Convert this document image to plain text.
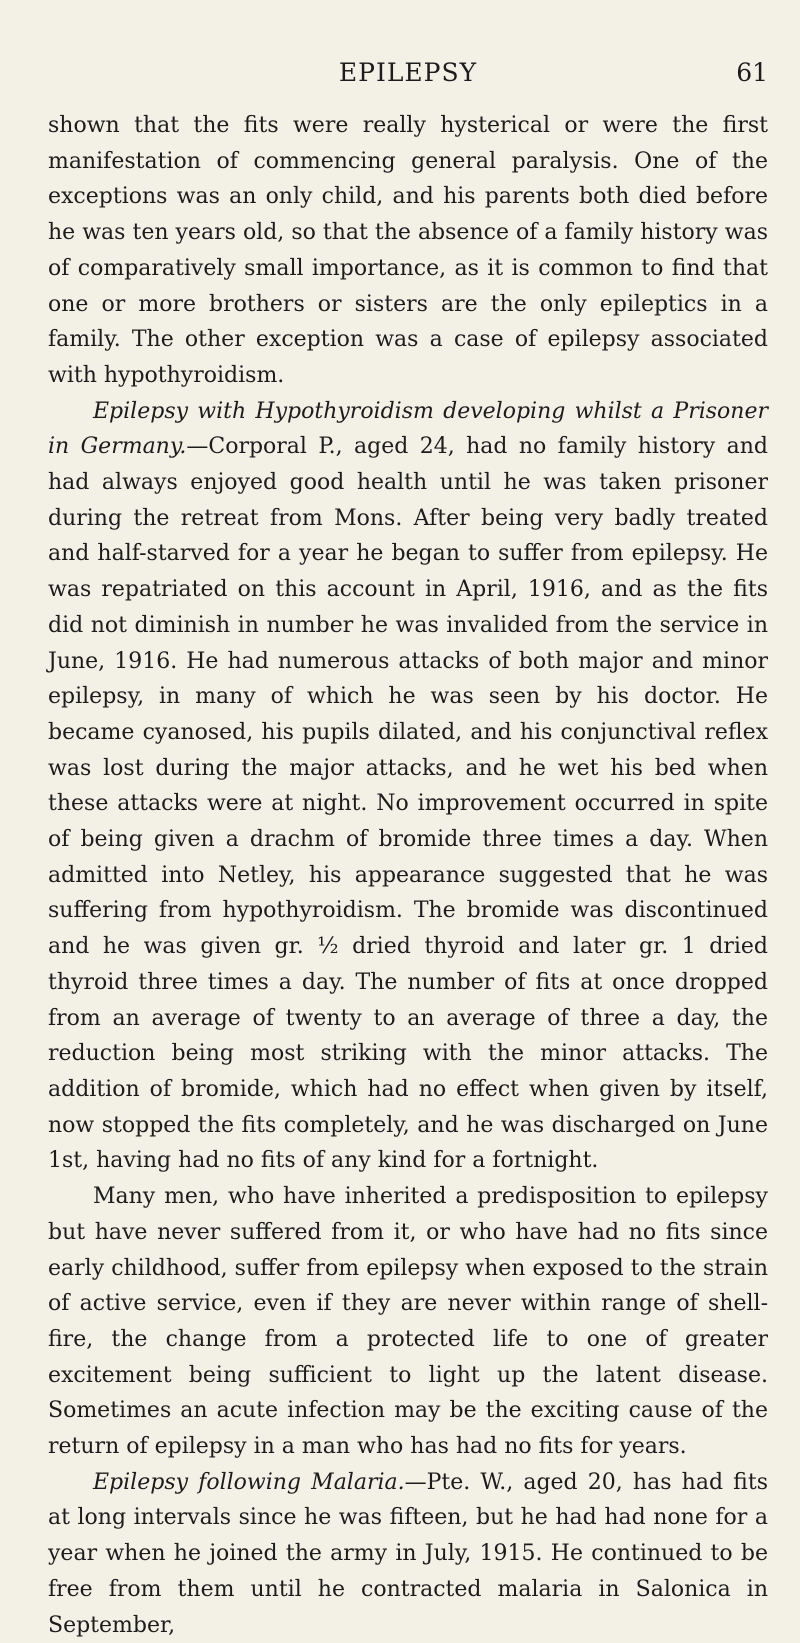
EPILEPSY	61

shown that the fits were really hysterical or were the first manifestation of commencing general paralysis. One of the exceptions was an only child, and his parents both died before he was ten years old, so that the absence of a family history was of comparatively small importance, as it is common to find that one or more brothers or sisters are the only epileptics in a family. The other exception was a case of epilepsy associated with hypothyroidism.

Epilepsy with Hypothyroidism developing whilst a Prisoner in Germany.—Corporal P., aged 24, had no family history and had always enjoyed good health until he was taken prisoner during the retreat from Mons. After being very badly treated and half-starved for a year he began to suffer from epilepsy. He was repatriated on this account in April, 1916, and as the fits did not diminish in number he was invalided from the service in June, 1916. He had numerous attacks of both major and minor epilepsy, in many of which he was seen by his doctor. He became cyanosed, his pupils dilated, and his conjunctival reflex was lost during the major attacks, and he wet his bed when these attacks were at night. No improvement occurred in spite of being given a drachm of bromide three times a day. When admitted into Netley, his appearance suggested that he was suffering from hypothyroidism. The bromide was discontinued and he was given gr. ½ dried thyroid and later gr. 1 dried thyroid three times a day. The number of fits at once dropped from an average of twenty to an average of three a day, the reduction being most striking with the minor attacks. The addition of bromide, which had no effect when given by itself, now stopped the fits completely, and he was discharged on June 1st, having had no fits of any kind for a fortnight.

Many men, who have inherited a predisposition to epilepsy but have never suffered from it, or who have had no fits since early childhood, suffer from epilepsy when exposed to the strain of active service, even if they are never within range of shell-fire, the change from a protected life to one of greater excitement being sufficient to light up the latent disease. Sometimes an acute infection may be the exciting cause of the return of epilepsy in a man who has had no fits for years.

Epilepsy following Malaria.—Pte. W., aged 20, has had fits at long intervals since he was fifteen, but he had had none for a year when he joined the army in July, 1915. He continued to be free from them until he contracted malaria in Salonica in September,
